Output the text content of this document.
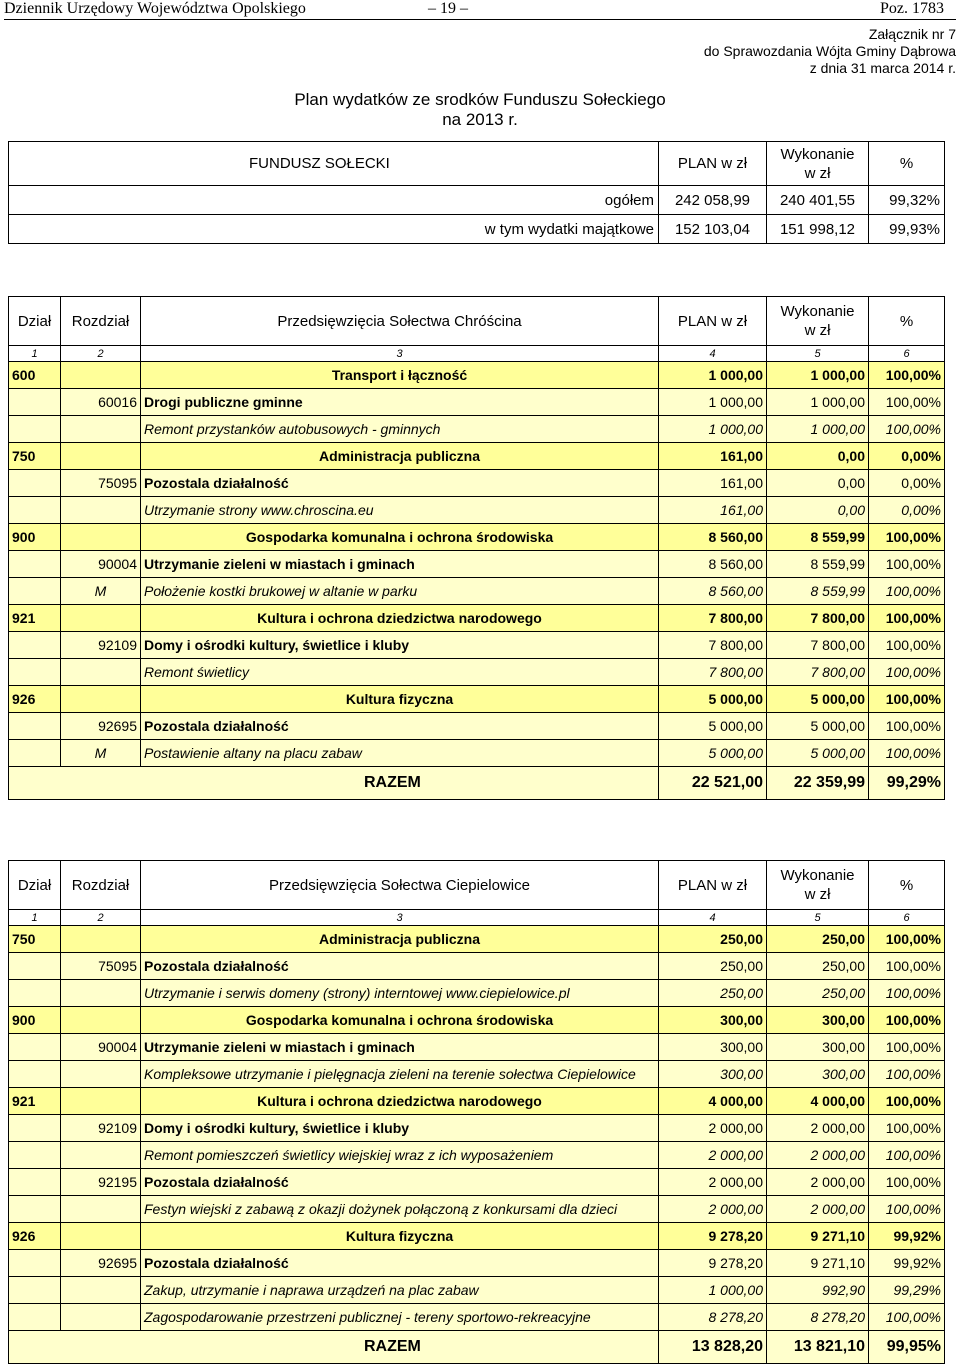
Dziennik Urzędowy Województwa Opolskiego	– 19 –	Poz. 1783
Załącznik nr 7
do Sprawozdania Wójta Gminy Dąbrowa
z dnia 31 marca 2014 r.
Plan wydatków ze srodków Funduszu Sołeckiego
na 2013 r.
FUNDUSZ SOŁECKI	PLAN w zł	Wykonanie
w zł	%
ogółem	242 058,99	240 401,55	99,32%
w tym wydatki majątkowe	152 103,04	151 998,12	99,93%
Dział	Rozdział	Przedsięwzięcia Sołectwa Chróścina	PLAN w zł	Wykonanie
w zł	%
1	2	3	4	5	6
600		Transport i łączność	1 000,00	1 000,00	100,00%
	60016	Drogi publiczne gminne	1 000,00	1 000,00	100,00%
		Remont przystanków autobusowych - gminnych	1 000,00	1 000,00	100,00%
750		Administracja publiczna	161,00	0,00	0,00%
	75095	Pozostala działalność	161,00	0,00	0,00%
		Utrzymanie strony www.chroscina.eu	161,00	0,00	0,00%
900		Gospodarka komunalna i ochrona środowiska	8 560,00	8 559,99	100,00%
	90004	Utrzymanie zieleni w miastach i gminach	8 560,00	8 559,99	100,00%
	M	Położenie kostki brukowej w altanie w parku	8 560,00	8 559,99	100,00%
921		Kultura i ochrona dziedzictwa narodowego	7 800,00	7 800,00	100,00%
	92109	Domy i ośrodki kultury, świetlice i kluby	7 800,00	7 800,00	100,00%
		Remont świetlicy	7 800,00	7 800,00	100,00%
926		Kultura fizyczna	5 000,00	5 000,00	100,00%
	92695	Pozostala działalność	5 000,00	5 000,00	100,00%
	M	Postawienie altany na placu zabaw	5 000,00	5 000,00	100,00%
RAZEM			22 521,00	22 359,99	99,29%
Dział	Rozdział	Przedsięwzięcia Sołectwa Ciepielowice	PLAN w zł	Wykonanie
w zł	%
1	2	3	4	5	6
750		Administracja publiczna	250,00	250,00	100,00%
	75095	Pozostala działalność	250,00	250,00	100,00%
		Utrzymanie i serwis domeny (strony) interntowej www.ciepielowice.pl	250,00	250,00	100,00%
900		Gospodarka komunalna i ochrona środowiska	300,00	300,00	100,00%
	90004	Utrzymanie zieleni w miastach i gminach	300,00	300,00	100,00%
		Kompleksowe utrzymanie i pielęgnacja zieleni na terenie sołectwa Ciepielowice	300,00	300,00	100,00%
921		Kultura i ochrona dziedzictwa narodowego	4 000,00	4 000,00	100,00%
	92109	Domy i ośrodki kultury, świetlice i kluby	2 000,00	2 000,00	100,00%
		Remont pomieszczeń świetlicy wiejskiej wraz z ich wyposażeniem	2 000,00	2 000,00	100,00%
	92195	Pozostala działalność	2 000,00	2 000,00	100,00%
		Festyn wiejski z zabawą z okazji dożynek połączoną z konkursami dla dzieci	2 000,00	2 000,00	100,00%
926		Kultura fizyczna	9 278,20	9 271,10	99,92%
	92695	Pozostala działalność	9 278,20	9 271,10	99,92%
		Zakup, utrzymanie i naprawa urządzeń na plac zabaw	1 000,00	992,90	99,29%
		Zagospodarowanie przestrzeni publicznej - tereny sportowo-rekreacyjne	8 278,20	8 278,20	100,00%
RAZEM			13 828,20	13 821,10	99,95%
